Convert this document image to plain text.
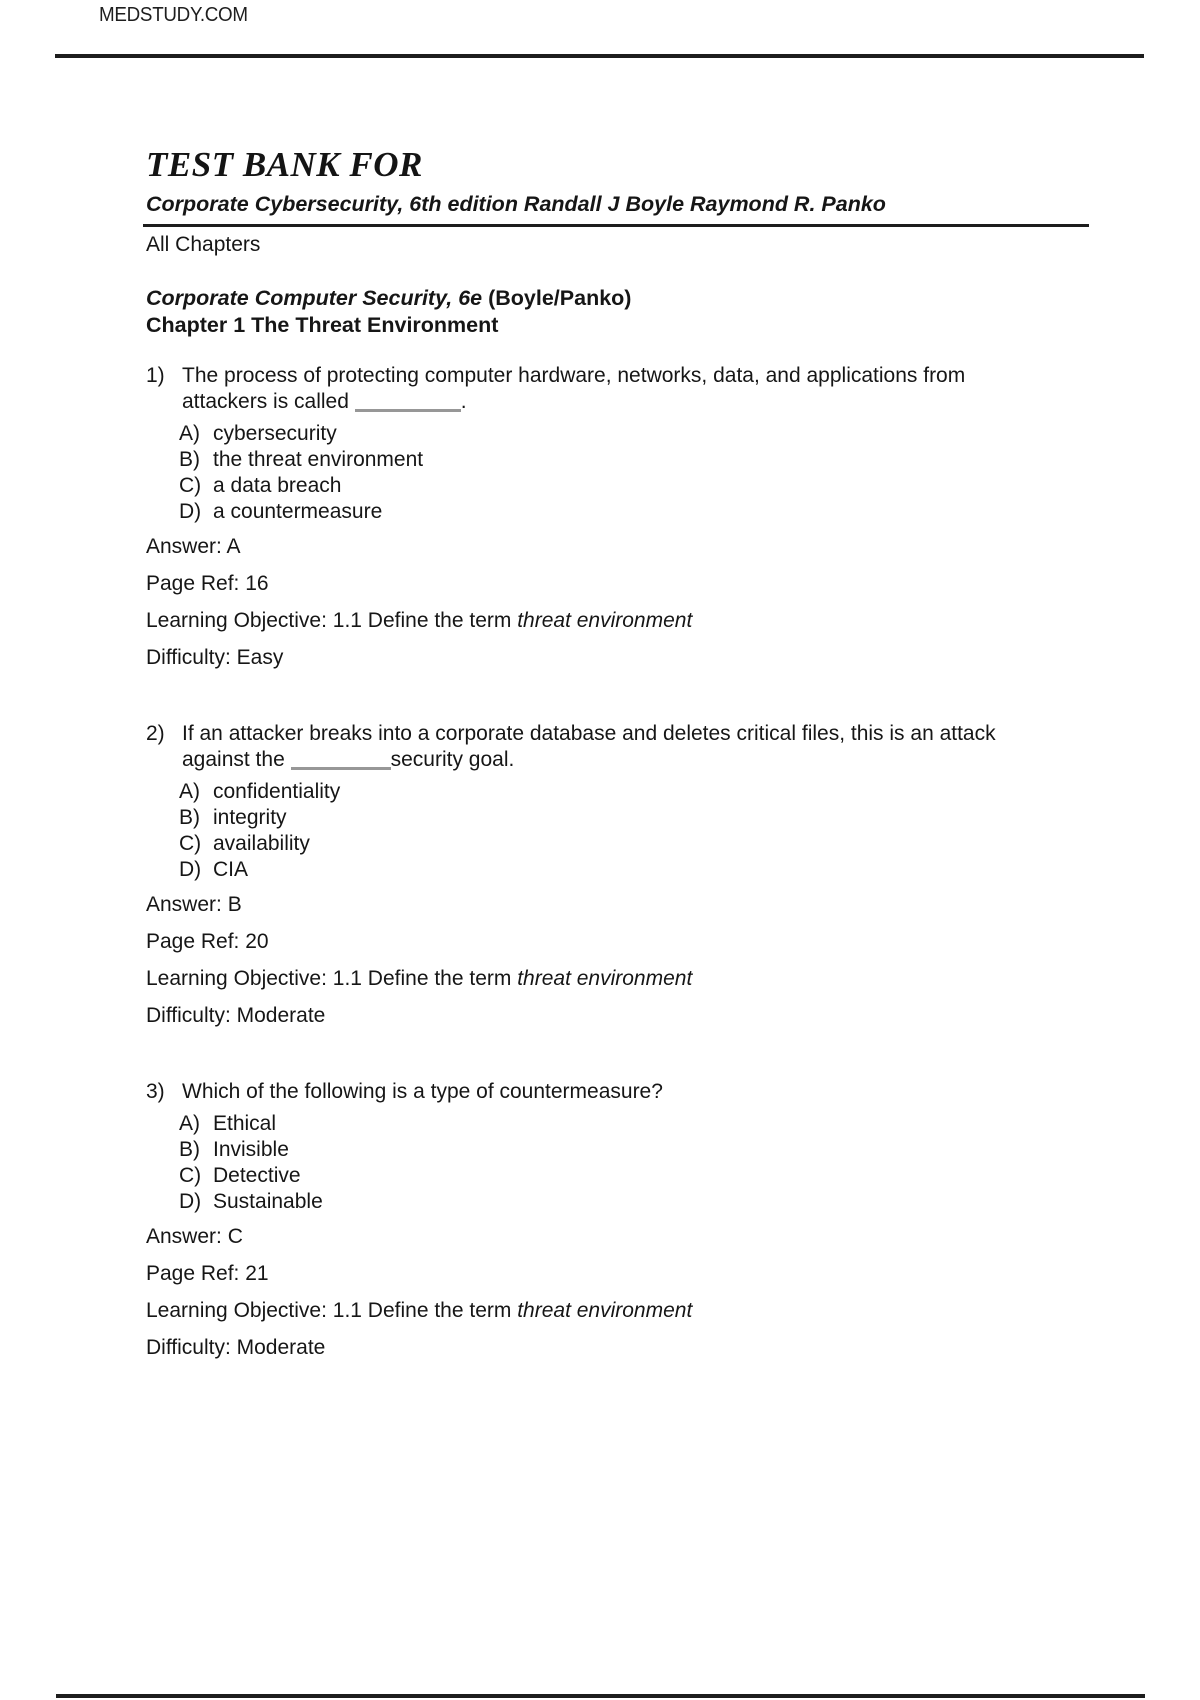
MEDSTUDY.COM
TEST BANK FOR
Corporate Cybersecurity, 6th edition Randall J Boyle Raymond R. Panko
All Chapters
Corporate Computer Security, 6e (Boyle/Panko)
Chapter 1 The Threat Environment
1) The process of protecting computer hardware, networks, data, and applications from attackers is called	.
A) cybersecurity
B) the threat environment
C) a data breach
D) a countermeasure
Answer: A
Page Ref: 16
Learning Objective: 1.1 Define the term threat environment
Difficulty: Easy
2) If an attacker breaks into a corporate database and deletes critical files, this is an attack against the	security goal.
A) confidentiality
B) integrity
C) availability
D) CIA
Answer: B
Page Ref: 20
Learning Objective: 1.1 Define the term threat environment
Difficulty: Moderate
3) Which of the following is a type of countermeasure?
A) Ethical
B) Invisible
C) Detective
D) Sustainable
Answer: C
Page Ref: 21
Learning Objective: 1.1 Define the term threat environment
Difficulty: Moderate
